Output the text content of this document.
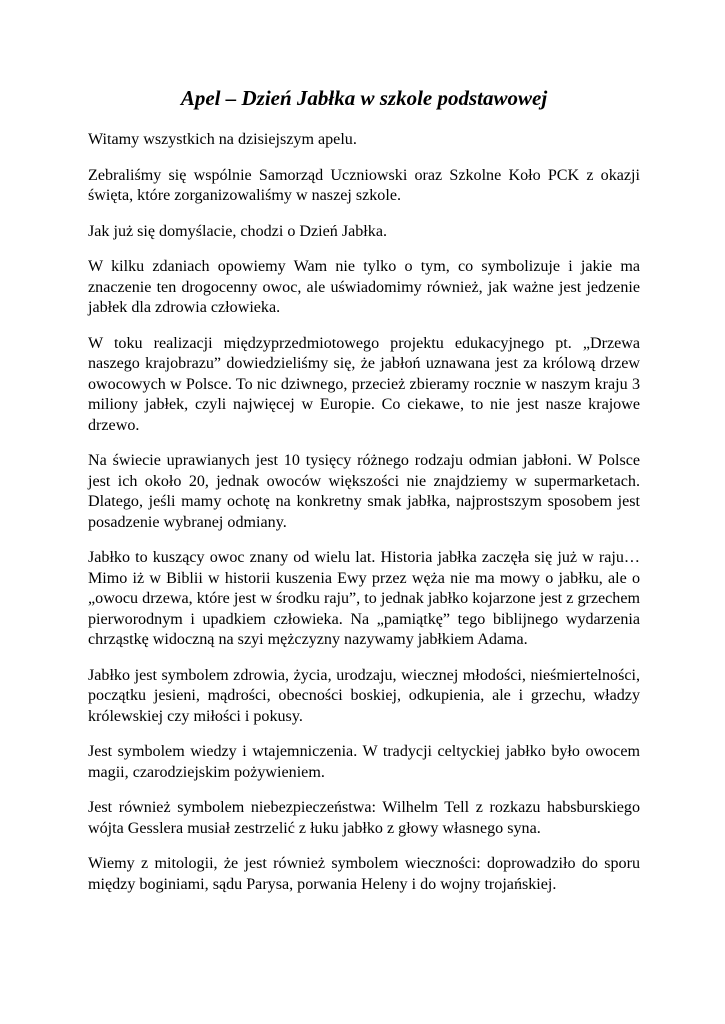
Apel – Dzień Jabłka w szkole podstawowej

Witamy wszystkich na dzisiejszym apelu.

Zebraliśmy się wspólnie Samorząd Uczniowski oraz Szkolne Koło PCK z okazji święta, które zorganizowaliśmy w naszej szkole.

Jak już się domyślacie, chodzi o Dzień Jabłka.

W kilku zdaniach opowiemy Wam nie tylko o tym, co symbolizuje i jakie ma znaczenie ten drogocenny owoc, ale uświadomimy również, jak ważne jest jedzenie jabłek dla zdrowia człowieka.

W toku realizacji międzyprzedmiotowego projektu edukacyjnego pt. „Drzewa naszego krajobrazu” dowiedzieliśmy się, że jabłoń uznawana jest za królową drzew owocowych w Polsce. To nic dziwnego, przecież zbieramy rocznie w naszym kraju 3 miliony jabłek, czyli najwięcej w Europie. Co ciekawe, to nie jest nasze krajowe drzewo.

Na świecie uprawianych jest 10 tysięcy różnego rodzaju odmian jabłoni. W Polsce jest ich około 20, jednak owoców większości nie znajdziemy w supermarketach. Dlatego, jeśli mamy ochotę na konkretny smak jabłka, najprostszym sposobem jest posadzenie wybranej odmiany.

Jabłko to kuszący owoc znany od wielu lat. Historia jabłka zaczęła się już w raju… Mimo iż w Biblii w historii kuszenia Ewy przez węża nie ma mowy o jabłku, ale o „owocu drzewa, które jest w środku raju”, to jednak jabłko kojarzone jest z grzechem pierworodnym i upadkiem człowieka. Na „pamiątkę” tego biblijnego wydarzenia chrząstkę widoczną na szyi mężczyzny nazywamy jabłkiem Adama.

Jabłko jest symbolem zdrowia, życia, urodzaju, wiecznej młodości, nieśmiertelności, początku jesieni, mądrości, obecności boskiej, odkupienia, ale i grzechu, władzy królewskiej czy miłości i pokusy.

Jest symbolem wiedzy i wtajemniczenia. W tradycji celtyckiej jabłko było owocem magii, czarodziejskim pożywieniem.

Jest również symbolem niebezpieczeństwa: Wilhelm Tell z rozkazu habsburskiego wójta Gesslera musiał zestrzelić z łuku jabłko z głowy własnego syna.

Wiemy z mitologii, że jest również symbolem wieczności: doprowadziło do sporu między boginiami, sądu Parysa, porwania Heleny i do wojny trojańskiej.
